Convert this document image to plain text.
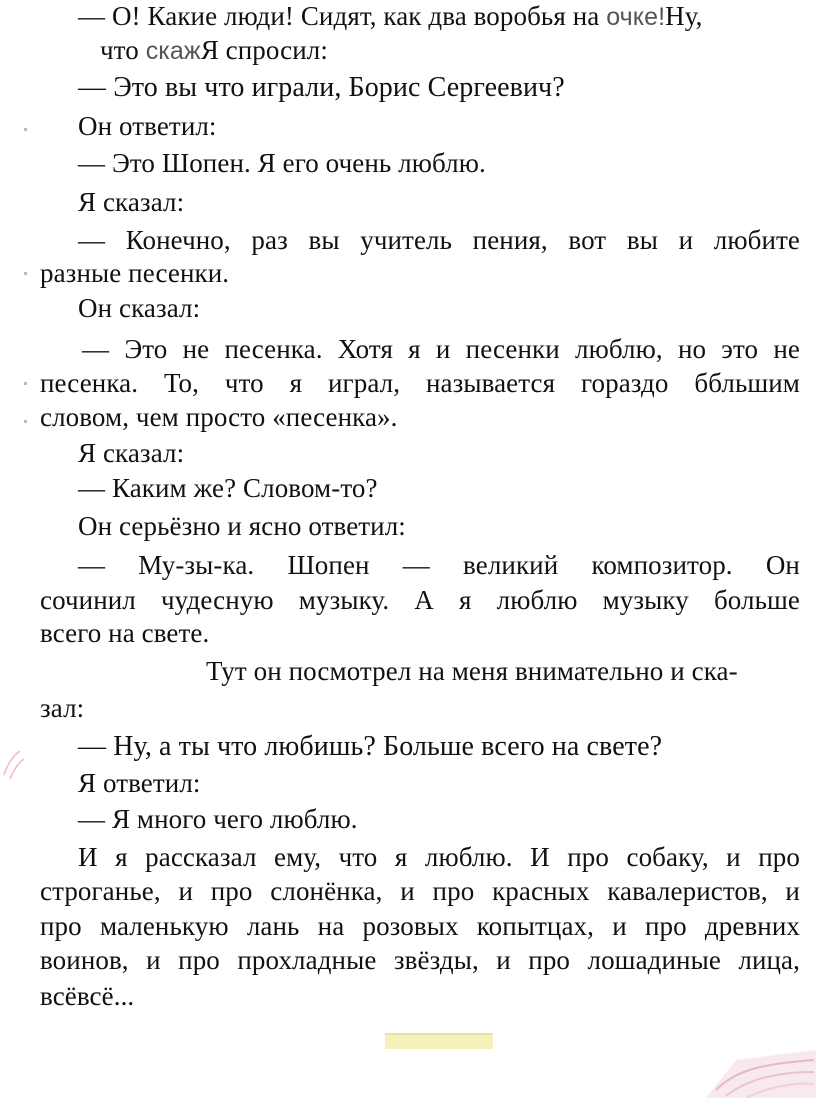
— О! Какие люди! Сидят, как два воробья на очке!Ну,
что скажЯ спросил:
— Это вы что играли, Борис Сергеевич?
Он ответил:
— Это Шопен. Я его очень люблю.
Я сказал:
— Конечно, раз вы учитель пения, вот вы и любите
разные песенки.
Он сказал:
— Это не песенка. Хотя я и песенки люблю, но это не
песенка. То, что я играл, называется гораздо ббльшим
словом, чем просто «песенка».
Я сказал:
— Каким же? Словом-то?
Он серьёзно и ясно ответил:
— Му-зы-ка. Шопен — великий композитор. Он
сочинил чудесную музыку. А я люблю музыку больше
всего на свете.
Тут он посмотрел на меня внимательно и ска-
зал:
— Ну, а ты что любишь? Больше всего на свете?
Я ответил:
— Я много чего люблю.
И я рассказал ему, что я люблю. И про собаку, и про
строганье, и про слонёнка, и про красных кавалеристов, и
про маленькую лань на розовых копытцах, и про древних
воинов, и про прохладные звёзды, и про лошадиные лица,
всёвсё...
